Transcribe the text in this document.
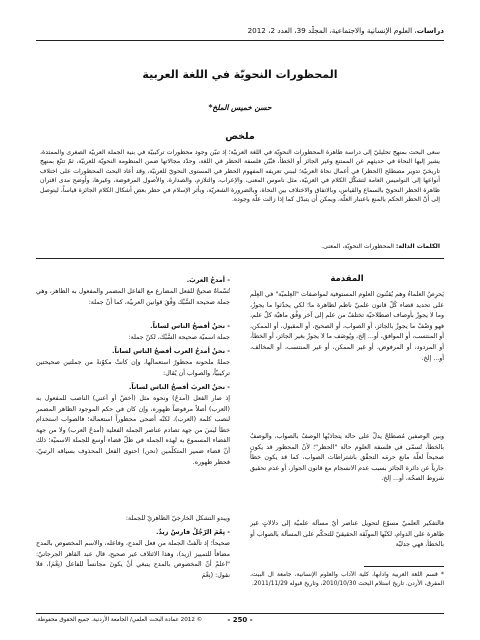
دراسات، العلوم الإنسانية والاجتماعية، المجلّد 39، العدد 2، 2012
المحظورات النحويّة في اللغة العربية
حسن خميس الملخ*
ملخص
سعى البحث بمنهج تحليليّ إلى دراسة ظاهرة المحظورات النحويّة في اللغة العربيّة؛ إذ تبيّن وجود محظورات تركيبيّة في بنية الجملة العربيّة الصغرى والممتدة، يشير إليها النحاة في حديثهم عن الممتنع وغير الجائز أو الخطأ، فبُيّن فلسفة الحظر في اللغة، وحدّد مجالاتها ضمن المنظومة النحويّة للعربيّة، ثمّ تتبّع بمنهج تاريخيّ تدوير مصطلح (الحظر) في أعمال نحاة العربيّة؛ ليبني تعريفه المفهوم الحظر في المستوى النحويّ للعربيّة، وقد أعاد البحث المحظورات على اختلاف أنواعها إلى النواميس العامة لتشكّل الكلام في العربيّة، مثل ناموس المعنى، والإعراب، والتلازم، والصدارة، والأصول المرفوضة، وغيرها، وأوضح مدى اقتران ظاهرة الحظر النحويّ بالسماع والقياس، وبالاتفاق والاختلاف بين النحاة، وبالضرورة الشعريّة، وبأثر الإسلام في حظر بعض أشكال الكلام الجائزة قياساً، ليتوصل إلى أنّ الحظر الحكم بالمنع باعتبار العلّة، ويمكن أن يتبدّل كما إذا زالت علّة وجوده.
الكلمات الدالة: المحظورات النحويّة، المعنى.
المقدمة
يَحرِصُ العلماءُ وهم يُقنّنون العلوم المستوفية لمواصفات "العِلميّة" في العِلْم على تحديد قضاء كُلّ قانون علميّ ناظم لظاهرة ما؛ لكي يحدّثوا ما يجوزُ، وما لا يجوزُ بأوصاف اصطلاحيّة تختلفُ من علم إلى آخر وَفْق ماهيّة كلّ علم، فهو وَصْفٌ ما يجوزُ بالجائز، أو الصواب، أو الصحيح، أو المقبول، أو الممكن، أو المنتسب، أو الموافق، أو... إلخ، ويُوصَف ما لا يجوزُ بغير الجائز، أو الخطأ، أو المردود، أو المرفوض، أو غير الممكن، أو غير المنتسب، أو المخالف، أو... إلخ.
وبين الوصفين مُصطلحٌ يدلُّ على حالة يتجاذبُها الوصفُ بالصواب، والوصفُ بالخطأ، تُسمّى في فلسفة العلوم حالة "الحظر"؛ لأنّ المحظور قد يكون صحيحاً لعلّة مانع حرمَه التحقّق باشتراطات الصواب، كما قد يكون خطأً جارياً عن دائرة الجائز بسبب عدم الانسجام مع قانون الجواز، أو عدم تحقيق شروط الصحّة، أو... إلخ.
فالتفكير العلميّ مسوّغ لتحويل عناصر أيّ مسألة علميّة إلى دلالاتٍ غير ظاهرة على الدوام، لكنّها الموثّقة الحقيقيّ للتحكّم على المسألة بالصواب أو بالخطأ، فهي جدليّة
* قسم اللغة العربية وآدابها، كلية الآداب والعلوم الإنسانية، جامعة آل البيت، المفرق، الأردن. تاريخ استلام البحث 2010/10/30، وتاريخ قبوله 2011/11/29.
- أمدحُ العربَ.
تُسْماةٌ صحيحٌ للفعل المضارع مع الفاعل المضمر والمفعول به الظاهر، وهي جملة صحيحة السَّبْك وَفْقَ قوانين العربيّة، كما أنّ جملة:
- نحنُ أفصحُ الناس لساناً.
جملة اسميّة صحيحة السَّبْك، لكنّ جملة:
- نحنُ أمدحُ العرب أفصحُ الناس لساناً.
جملةٌ ملحونة محظورٌ استعمالُها، وإن كانتْ مكوّنةً من جملتين صحيحتين تركيبيّاً، والصواب أن يُقال:
- نحنُ العربَ أفصحُ الناس لساناً.
إذ صار الفعل (أمدحُ) ونحوه مثل (أخصّ أو أعني) الناصب للمفعول به (العرب) أصلاً مرفوضاً ظهوره، وإن كان في حكم الموجود الظاهر المضمر لنصب كلمة (العرب)، لكنّه أضحى محظوراً استعماله؛ فالصواب استخدام خطأ ليسَ من جهة تصادم عناصر الجملة الفعلية (أمدحُ العرب) ولا من جهة الفضاء المسموع به لهذه الجملة في ظلّ قضاء أوسع للجملة الاسميّة؛ ذلك أنّ قضاء ضمير المتكلّمين (نحن) احتوى الفعل المحذوف بسياقه الرتبيّ، فحظر ظهوره.
ويبدو التشكل الخارجيّ الظاهريّ للجملة:
- نِعْمَ الرّجُلُ فارسٌ زيدٌ.
صحيحاً؛ إذ تألّفتْ الجملة من فعل المدح، وفاعله، والاسم المخصوص بالمدح مضافاً للتمييز (زيد)، وهذا الائتلاف غير صحيح، قال عبد القاهر الجرجانيّ: "اعلمْ أنّ المخصوص بالمدح ينبغي أنْ يكونَ مجانساً للفاعل (نِعْمَ)، فلا نقول: (نِعْمَ
- 250 -
© 2012 عمادة البحث العلمي/ الجامعة الأردنية. جميع الحقوق محفوظة.
